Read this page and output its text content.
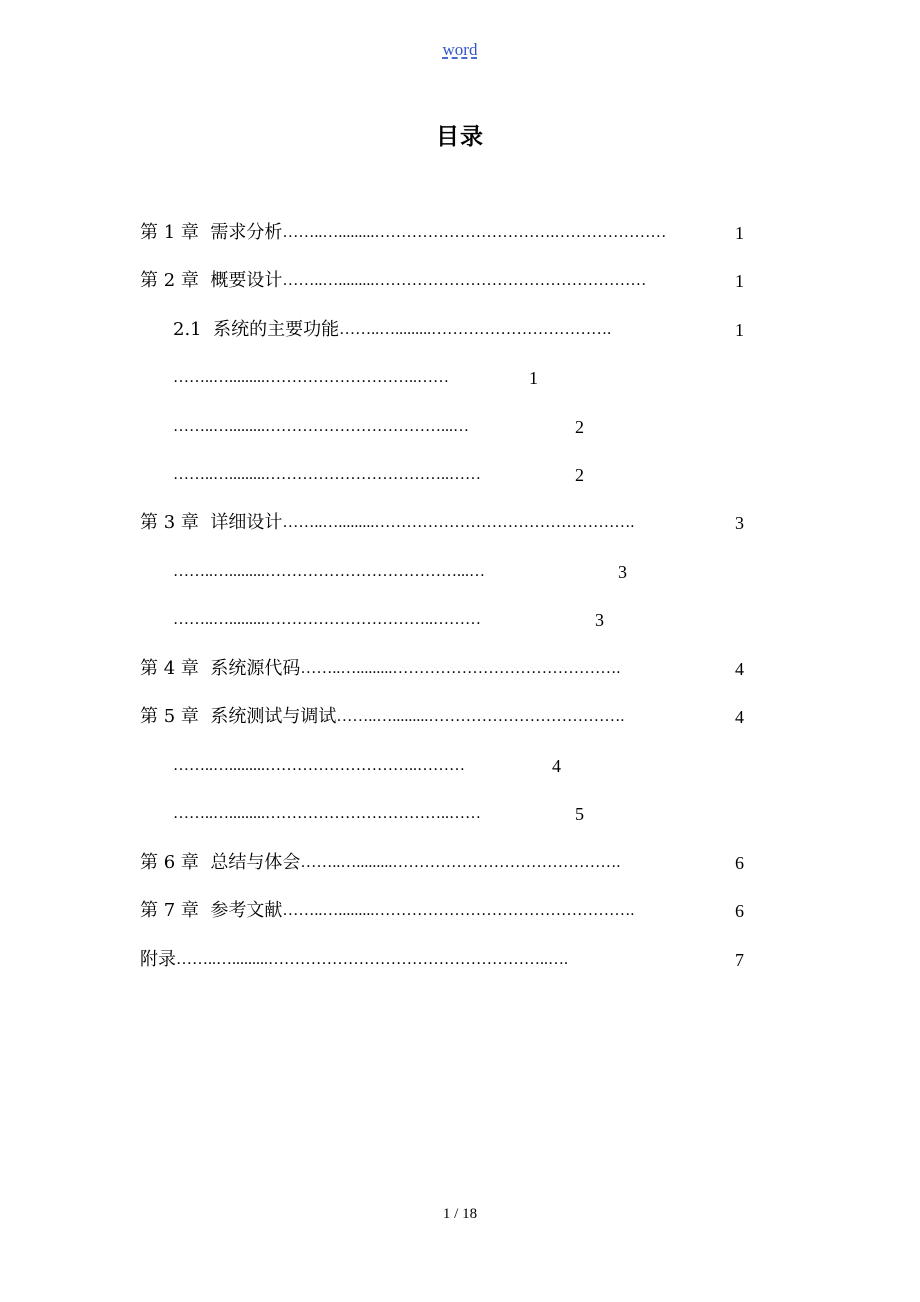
word
目录
第 1 章  需求分析 ……..….........…………………………….…………………	1
第 2 章  概要设计 ……..….........……………………………………………	1
2.1  系统的主要功能 ……..….........…………………………….	1
……..….........………………………..……	1
……..….........……………………………...…	2
……..….........……………………………..……	2
第 3 章  详细设计 ……..….........………………………………………….	3
……..….........………………………………...…	3
……..….........…………………………..………	3
第 4 章  系统源代码 ……..….........…………………………………….	4
第 5 章  系统测试与调试 ……..….........……………………………….	4
……..….........………………………..………	4
……..….........……………………………..……	5
第 6 章  总结与体会 ……..….........…………………………………….	6
第 7 章  参考文献 ……..….........………………………………………….	6
附录 ……..….........……………………………………………..….	7
1 / 18
